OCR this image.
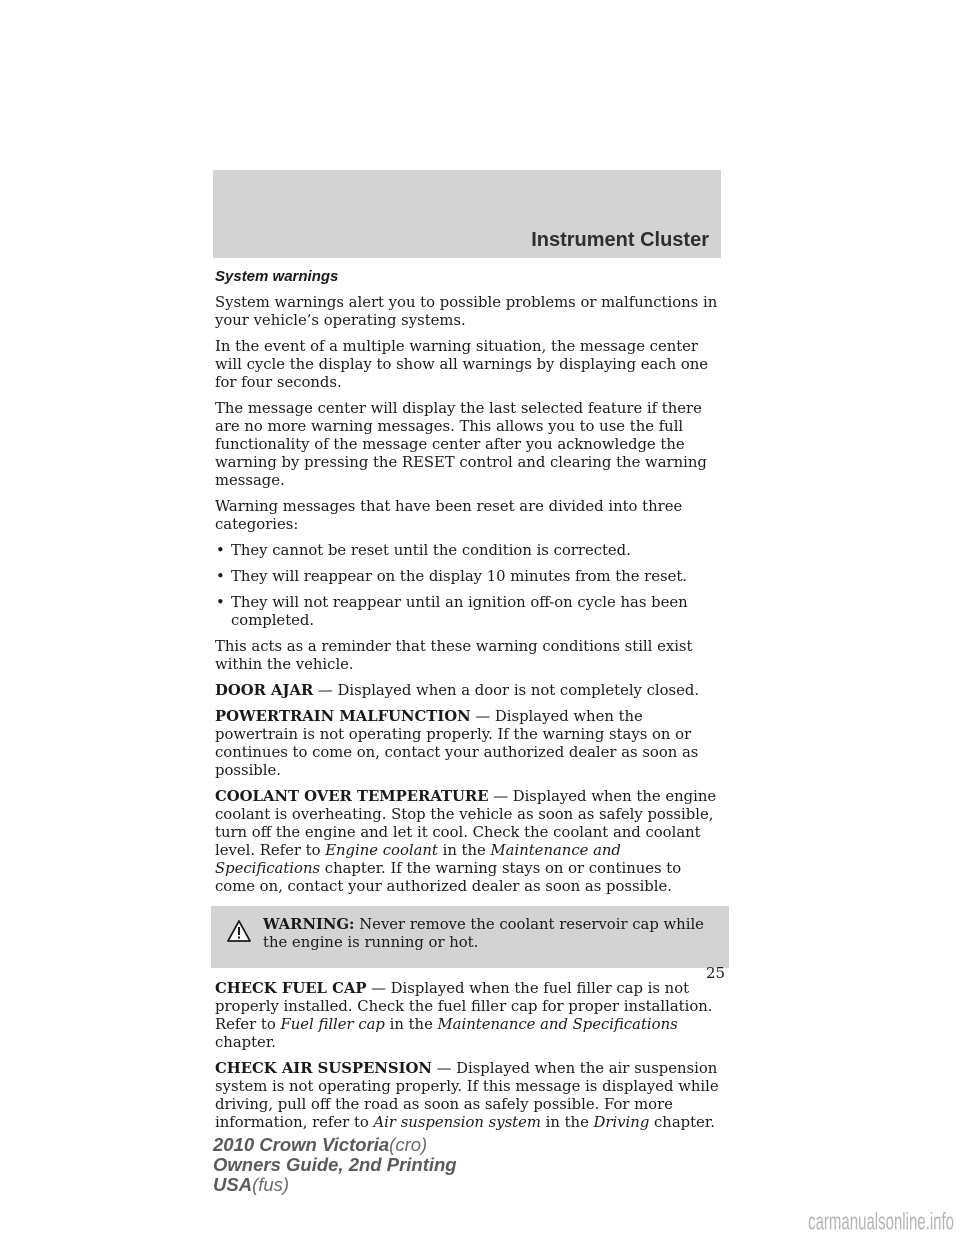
Instrument Cluster

System warnings

System warnings alert you to possible problems or malfunctions in your vehicle’s operating systems.

In the event of a multiple warning situation, the message center will cycle the display to show all warnings by displaying each one for four seconds.

The message center will display the last selected feature if there are no more warning messages. This allows you to use the full functionality of the message center after you acknowledge the warning by pressing the RESET control and clearing the warning message.

Warning messages that have been reset are divided into three categories:

• They cannot be reset until the condition is corrected.
• They will reappear on the display 10 minutes from the reset.
• They will not reappear until an ignition off-on cycle has been completed.

This acts as a reminder that these warning conditions still exist within the vehicle.

DOOR AJAR — Displayed when a door is not completely closed.

POWERTRAIN MALFUNCTION — Displayed when the powertrain is not operating properly. If the warning stays on or continues to come on, contact your authorized dealer as soon as possible.

COOLANT OVER TEMPERATURE — Displayed when the engine coolant is overheating. Stop the vehicle as soon as safely possible, turn off the engine and let it cool. Check the coolant and coolant level. Refer to Engine coolant in the Maintenance and Specifications chapter. If the warning stays on or continues to come on, contact your authorized dealer as soon as possible.

WARNING: Never remove the coolant reservoir cap while the engine is running or hot.

CHECK FUEL CAP — Displayed when the fuel filler cap is not properly installed. Check the fuel filler cap for proper installation. Refer to Fuel filler cap in the Maintenance and Specifications chapter.

CHECK AIR SUSPENSION — Displayed when the air suspension system is not operating properly. If this message is displayed while driving, pull off the road as soon as safely possible. For more information, refer to Air suspension system in the Driving chapter.

25
2010 Crown Victoria(cro)
Owners Guide, 2nd Printing
USA(fus)
carmanualsonline.info
